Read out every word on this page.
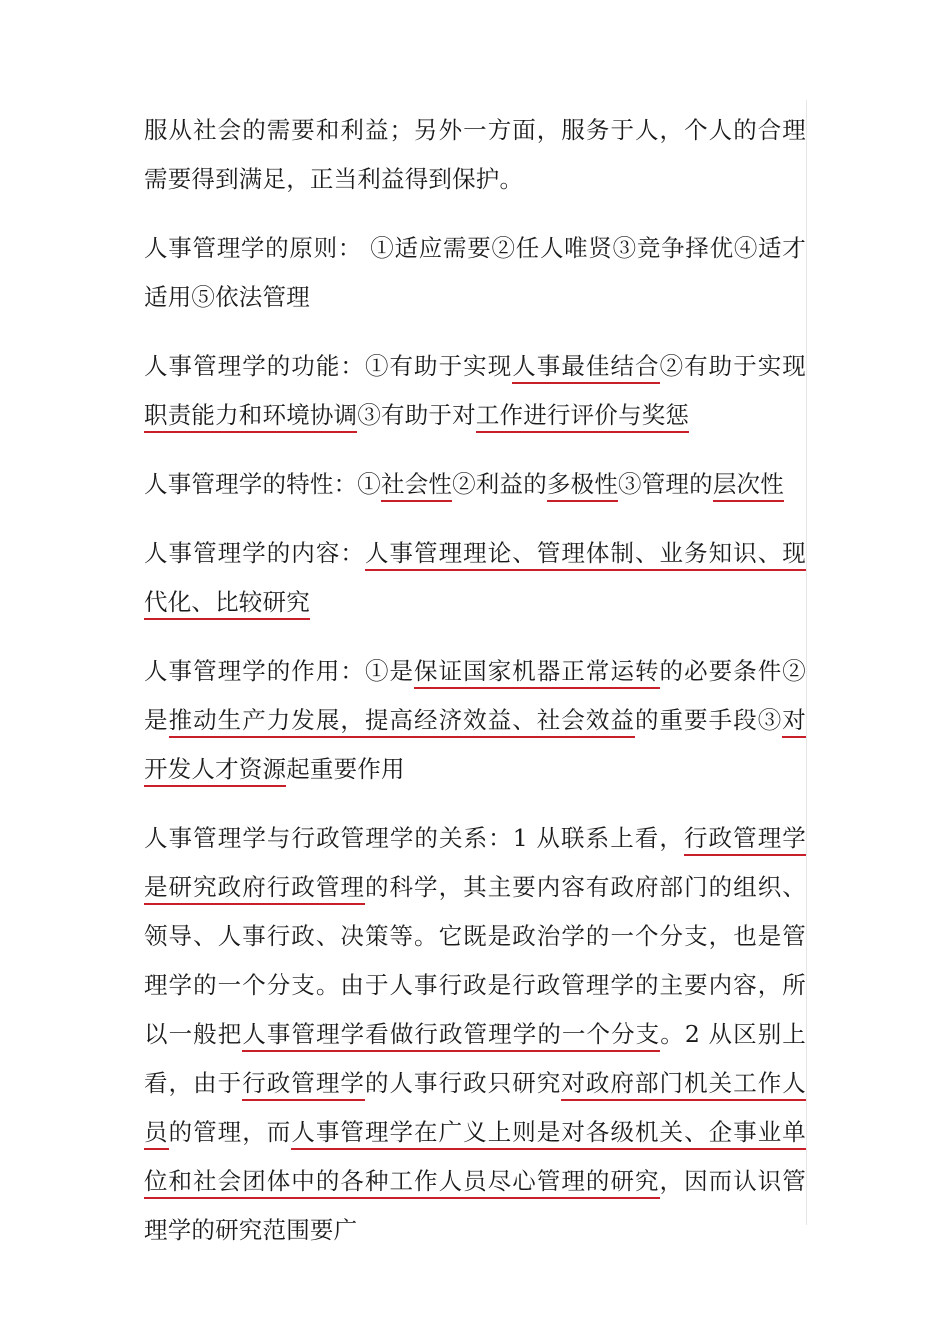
服从社会的需要和利益；另外一方面，服务于人，个人的合理需要得到满足，正当利益得到保护。

人事管理学的原则： ①适应需要②任人唯贤③竞争择优④适才适用⑤依法管理

人事管理学的功能：①有助于实现人事最佳结合②有助于实现职责能力和环境协调③有助于对工作进行评价与奖惩

人事管理学的特性：①社会性②利益的多极性③管理的层次性

人事管理学的内容：人事管理理论、管理体制、业务知识、现代化、比较研究

人事管理学的作用：①是保证国家机器正常运转的必要条件②是推动生产力发展，提高经济效益、社会效益的重要手段③对开发人才资源起重要作用

人事管理学与行政管理学的关系：1 从联系上看，行政管理学是研究政府行政管理的科学，其主要内容有政府部门的组织、领导、人事行政、决策等。它既是政治学的一个分支，也是管理学的一个分支。由于人事行政是行政管理学的主要内容，所以一般把人事管理学看做行政管理学的一个分支。2 从区别上看，由于行政管理学的人事行政只研究对政府部门机关工作人员的管理，而人事管理学在广义上则是对各级机关、企事业单位和社会团体中的各种工作人员尽心管理的研究，因而认识管理学的研究范围要广
